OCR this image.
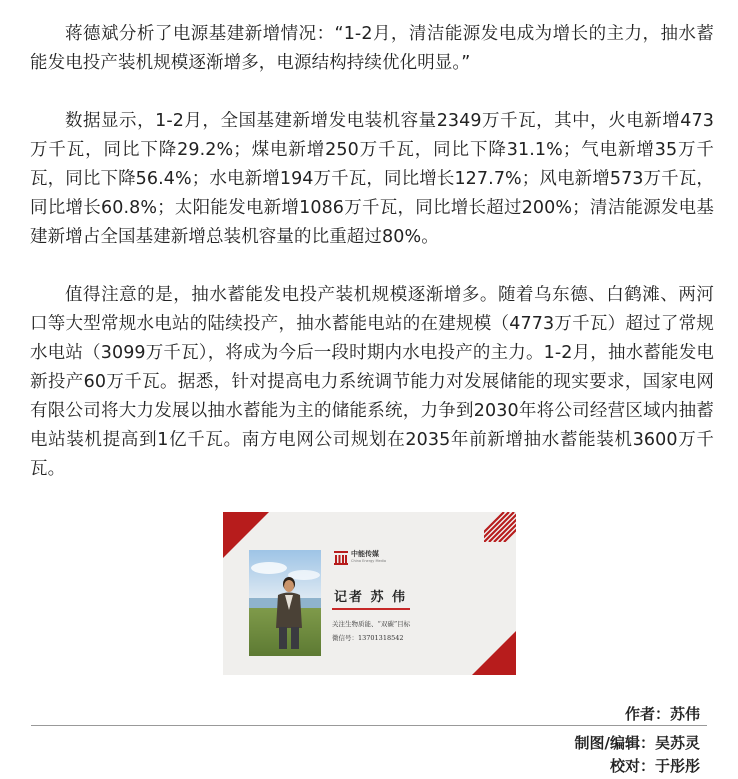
蒋德斌分析了电源基建新增情况：“1-2月，清洁能源发电成为增长的主力，抽水蓄能发电投产装机规模逐渐增多，电源结构持续优化明显。”

数据显示，1-2月，全国基建新增发电装机容量2349万千瓦，其中，火电新增473万千瓦，同比下降29.2%；煤电新增250万千瓦，同比下降31.1%；气电新增35万千瓦，同比下降56.4%；水电新增194万千瓦，同比增长127.7%；风电新增573万千瓦，同比增长60.8%；太阳能发电新增1086万千瓦，同比增长超过200%；清洁能源发电基建新增占全国基建新增总装机容量的比重超过80%。

值得注意的是，抽水蓄能发电投产装机规模逐渐增多。随着乌东德、白鹤滩、两河口等大型常规水电站的陆续投产，抽水蓄能电站的在建规模（4773万千瓦）超过了常规水电站（3099万千瓦），将成为今后一段时期内水电投产的主力。1-2月，抽水蓄能发电新投产60万千瓦。据悉，针对提高电力系统调节能力对发展储能的现实要求，国家电网有限公司将大力发展以抽水蓄能为主的储能系统，力争到2030年将公司经营区域内抽蓄电站装机提高到1亿千瓦。南方电网公司规划在2035年前新增抽水蓄能装机3600万千瓦。

中能传媒
China Energy Media
记者 苏 伟
关注生物质能、“双碳”目标
微信号：13701318542
作者：苏伟
制图/编辑：吴苏灵
校对：于彤彤
